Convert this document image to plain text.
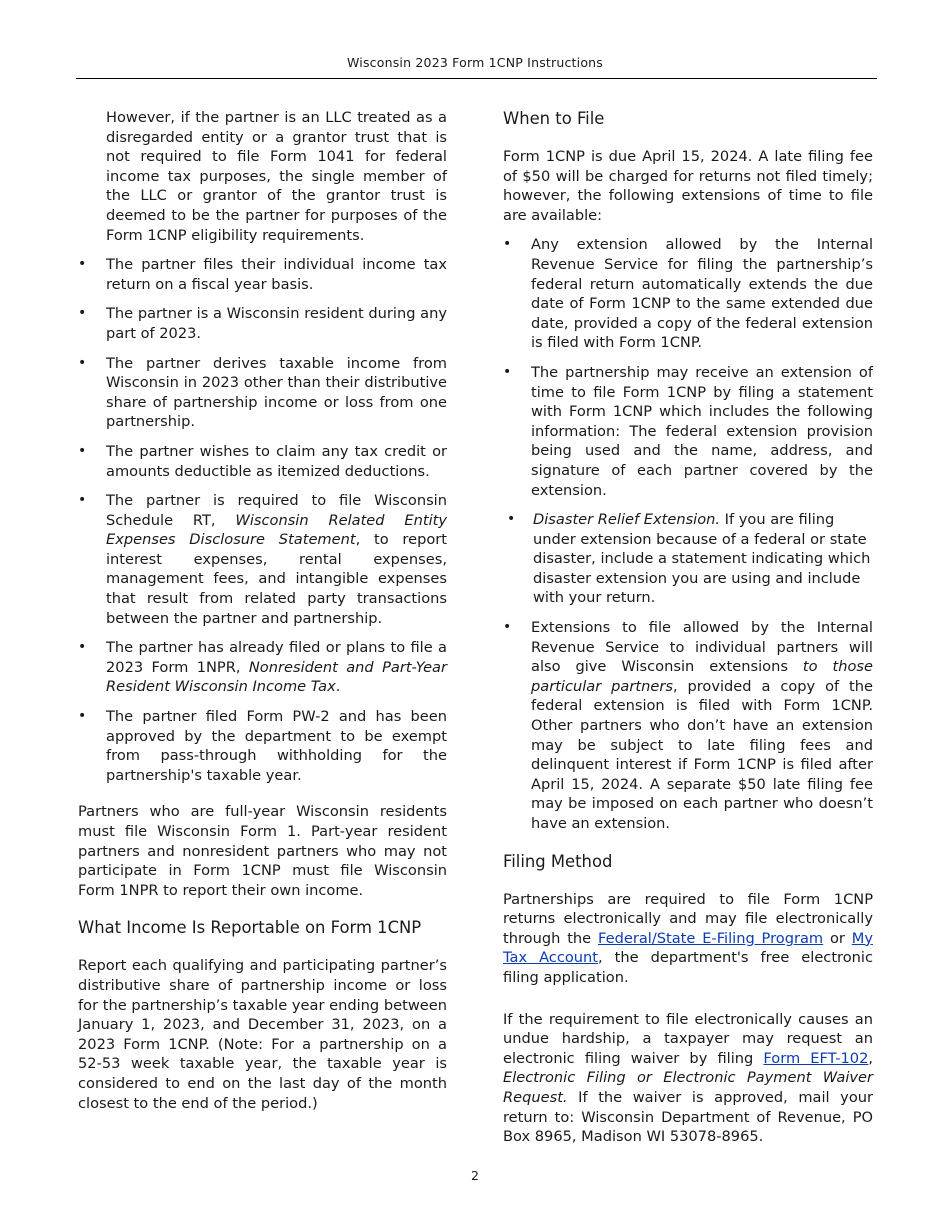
Wisconsin 2023 Form 1CNP Instructions

However, if the partner is an LLC treated as a disregarded entity or a grantor trust that is not required to file Form 1041 for federal income tax purposes, the single member of the LLC or grantor of the grantor trust is deemed to be the partner for purposes of the Form 1CNP eligibility requirements.

• The partner files their individual income tax return on a fiscal year basis.
• The partner is a Wisconsin resident during any part of 2023.
• The partner derives taxable income from Wisconsin in 2023 other than their distributive share of partnership income or loss from one partnership.
• The partner wishes to claim any tax credit or amounts deductible as itemized deductions.
• The partner is required to file Wisconsin Schedule RT, Wisconsin Related Entity Expenses Disclosure Statement, to report interest expenses, rental expenses, management fees, and intangible expenses that result from related party transactions between the partner and partnership.
• The partner has already filed or plans to file a 2023 Form 1NPR, Nonresident and Part-Year Resident Wisconsin Income Tax.
• The partner filed Form PW-2 and has been approved by the department to be exempt from pass-through withholding for the partnership's taxable year.

Partners who are full-year Wisconsin residents must file Wisconsin Form 1. Part-year resident partners and nonresident partners who may not participate in Form 1CNP must file Wisconsin Form 1NPR to report their own income.

What Income Is Reportable on Form 1CNP

Report each qualifying and participating partner’s distributive share of partnership income or loss for the partnership’s taxable year ending between January 1, 2023, and December 31, 2023, on a 2023 Form 1CNP. (Note: For a partnership on a 52-53 week taxable year, the taxable year is considered to end on the last day of the month closest to the end of the period.)

When to File

Form 1CNP is due April 15, 2024. A late filing fee of $50 will be charged for returns not filed timely; however, the following extensions of time to file are available:

• Any extension allowed by the Internal Revenue Service for filing the partnership’s federal return automatically extends the due date of Form 1CNP to the same extended due date, provided a copy of the federal extension is filed with Form 1CNP.
• The partnership may receive an extension of time to file Form 1CNP by filing a statement with Form 1CNP which includes the following information: The federal extension provision being used and the name, address, and signature of each partner covered by the extension.
• Disaster Relief Extension. If you are filing under extension because of a federal or state disaster, include a statement indicating which disaster extension you are using and include with your return.
• Extensions to file allowed by the Internal Revenue Service to individual partners will also give Wisconsin extensions to those particular partners, provided a copy of the federal extension is filed with Form 1CNP. Other partners who don’t have an extension may be subject to late filing fees and delinquent interest if Form 1CNP is filed after April 15, 2024. A separate $50 late filing fee may be imposed on each partner who doesn’t have an extension.
Filing Method

Partnerships are required to file Form 1CNP returns electronically and may file electronically through the Federal/State E-Filing Program or My Tax Account, the department's free electronic filing application.

If the requirement to file electronically causes an undue hardship, a taxpayer may request an electronic filing waiver by filing Form EFT-102, Electronic Filing or Electronic Payment Waiver Request. If the waiver is approved, mail your return to: Wisconsin Department of Revenue, PO Box 8965, Madison WI 53078-8965.

2
